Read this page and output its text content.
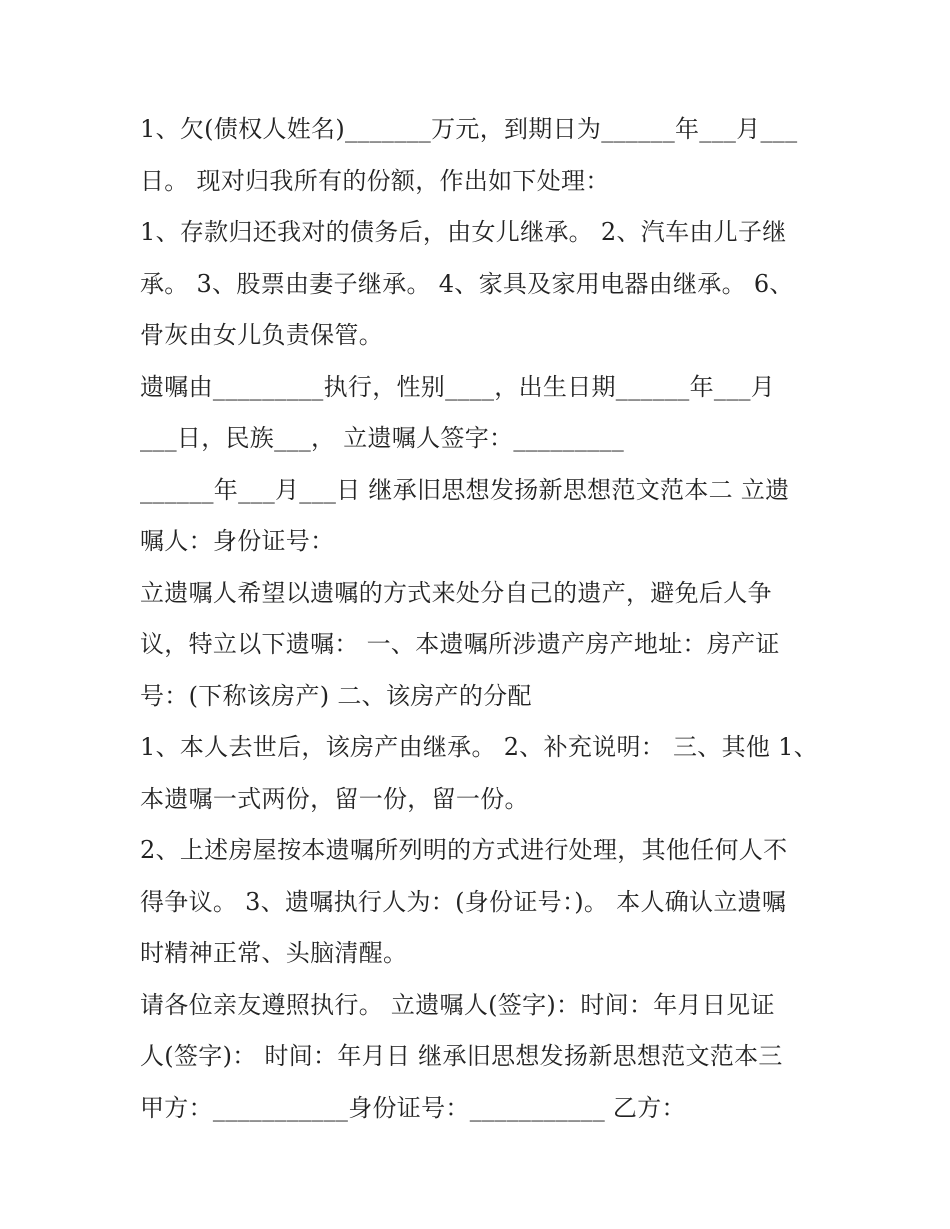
1、欠(债权人姓名)_______万元，到期日为______年___月___
日。 现对归我所有的份额，作出如下处理：
1、存款归还我对的债务后，由女儿继承。 2、汽车由儿子继
承。 3、股票由妻子继承。 4、家具及家用电器由继承。 6、
骨灰由女儿负责保管。
遗嘱由_________执行，性别____，出生日期______年___月
___日，民族___， 立遗嘱人签字：_________
______年___月___日 继承旧思想发扬新思想范文范本二 立遗
嘱人：身份证号：
立遗嘱人希望以遗嘱的方式来处分自己的遗产，避免后人争
议，特立以下遗嘱： 一、本遗嘱所涉遗产房产地址：房产证
号：(下称该房产) 二、该房产的分配
1、本人去世后，该房产由继承。 2、补充说明： 三、其他 1、
本遗嘱一式两份，留一份，留一份。
2、上述房屋按本遗嘱所列明的方式进行处理，其他任何人不
得争议。 3、遗嘱执行人为：(身份证号：)。 本人确认立遗嘱
时精神正常、头脑清醒。
请各位亲友遵照执行。 立遗嘱人(签字)：时间：年月日见证
人(签字)： 时间：年月日 继承旧思想发扬新思想范文范本三
甲方：___________身份证号：___________ 乙方：
